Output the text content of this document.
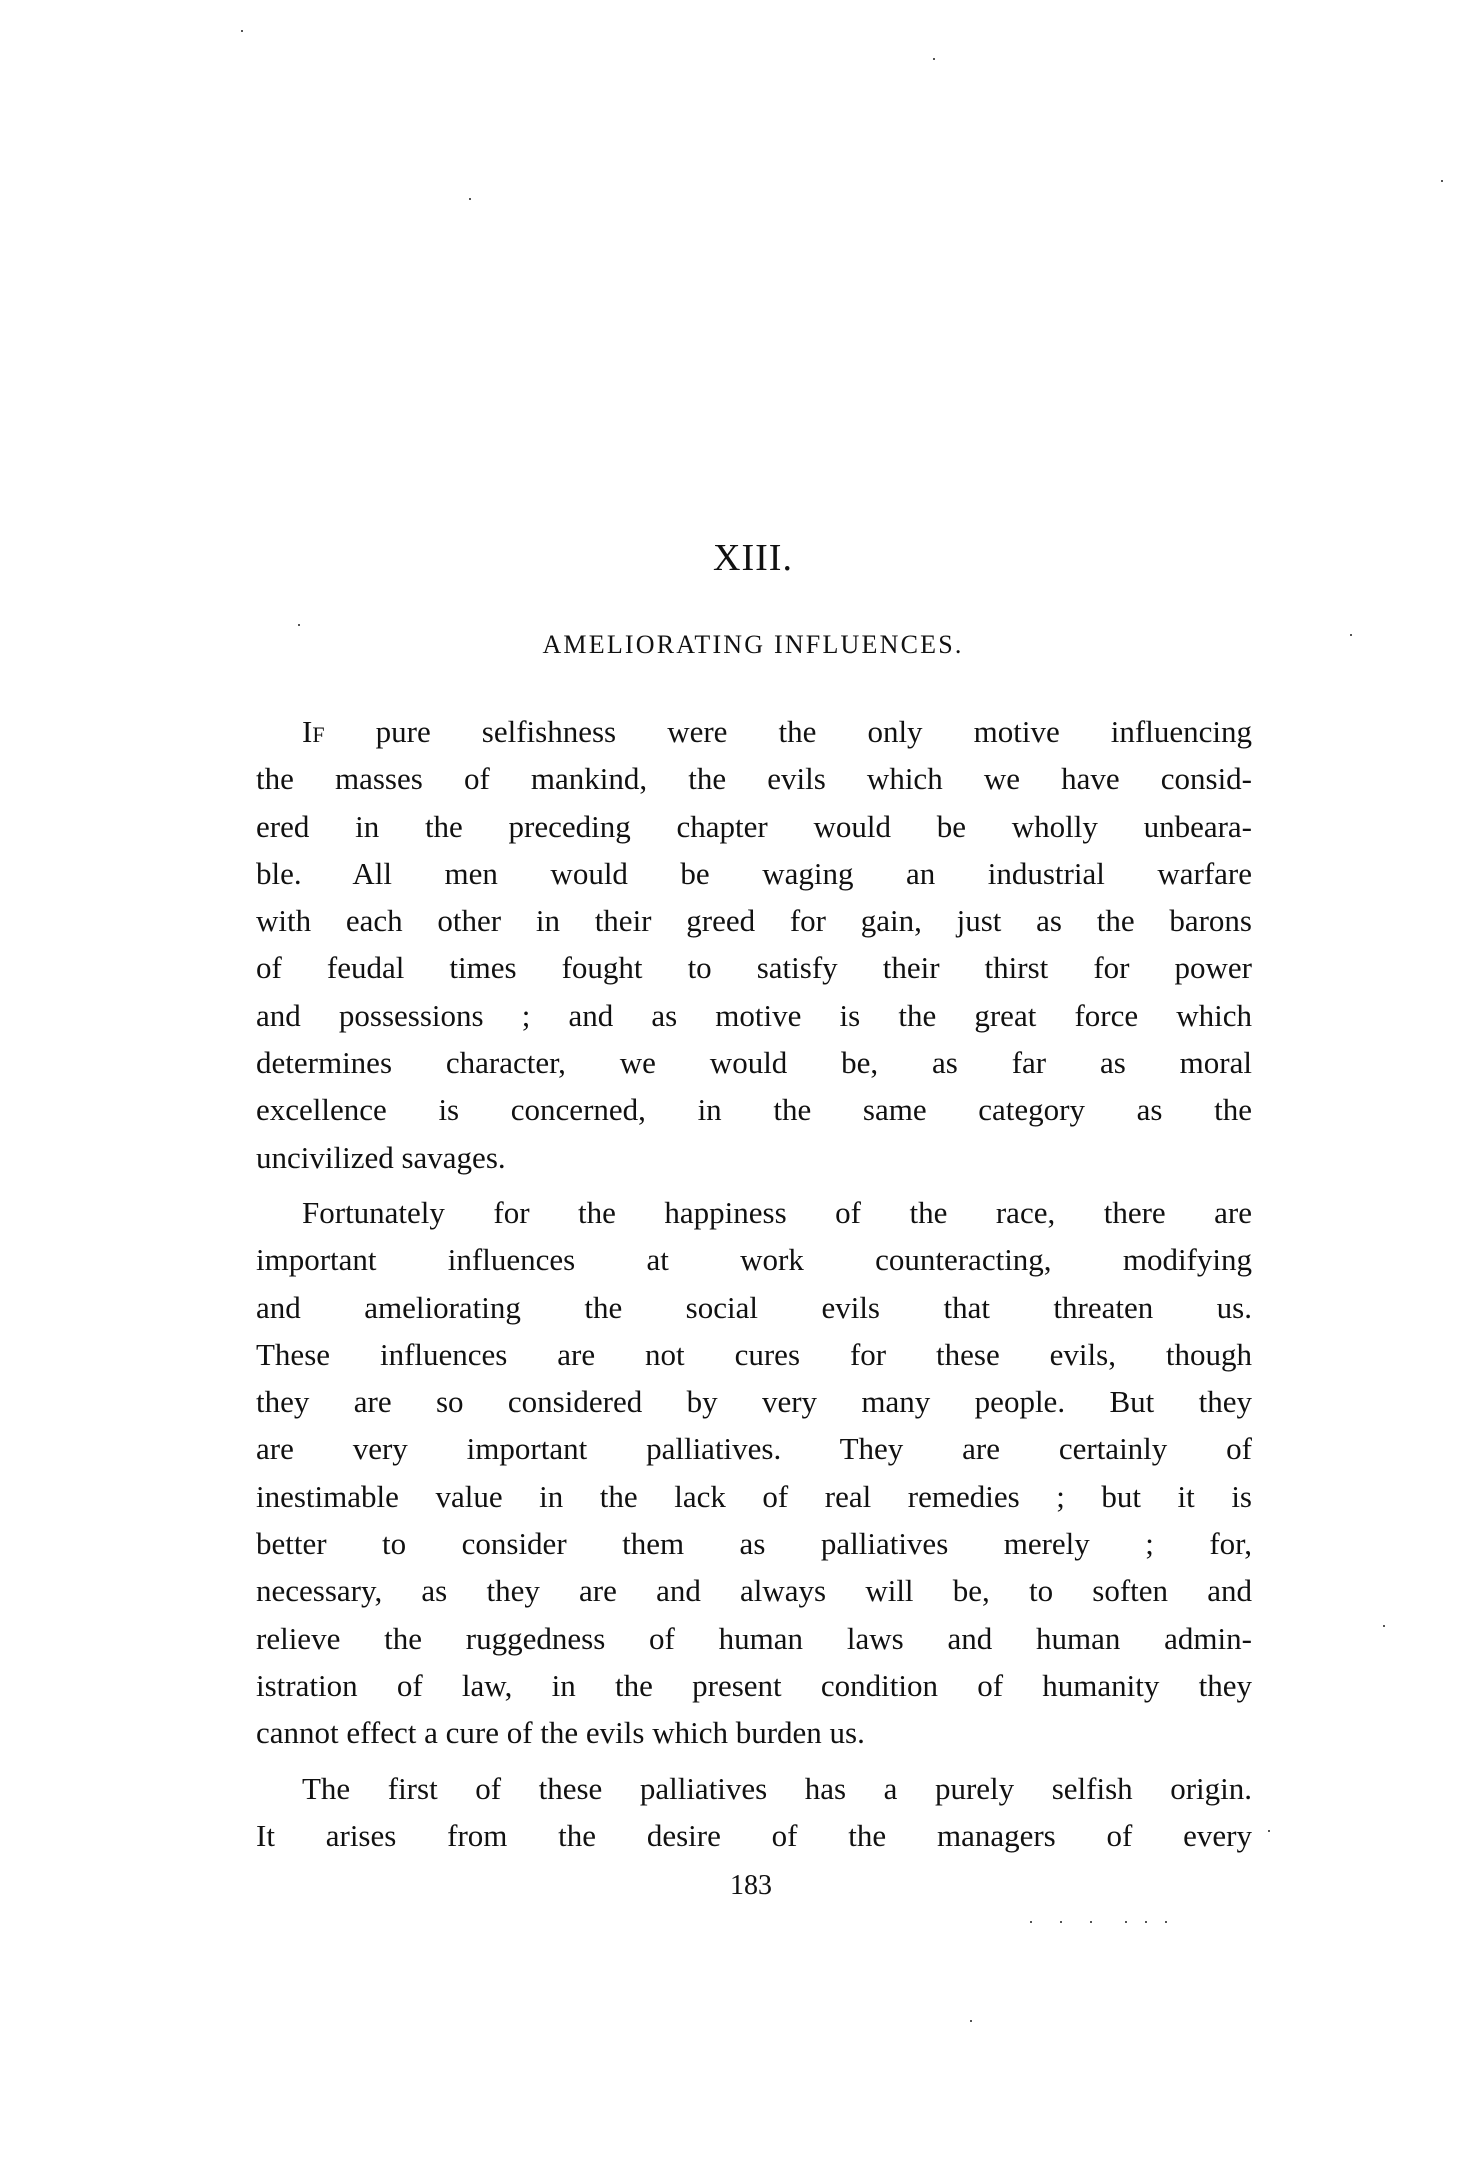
XIII.
AMELIORATING INFLUENCES.
If pure selfishness were the only motive influencing
the masses of mankind, the evils which we have consid-
ered in the preceding chapter would be wholly unbeara-
ble. All men would be waging an industrial warfare
with each other in their greed for gain, just as the barons
of feudal times fought to satisfy their thirst for power
and possessions ; and as motive is the great force which
determines character, we would be, as far as moral
excellence is concerned, in the same category as the
uncivilized savages.
Fortunately for the happiness of the race, there are
important influences at work counteracting, modifying
and ameliorating the social evils that threaten us.
These influences are not cures for these evils, though
they are so considered by very many people. But they
are very important palliatives. They are certainly of
inestimable value in the lack of real remedies ; but it is
better to consider them as palliatives merely ; for,
necessary, as they are and always will be, to soften and
relieve the ruggedness of human laws and human admin-
istration of law, in the present condition of humanity they
cannot effect a cure of the evils which burden us.
The first of these palliatives has a purely selfish origin.
It arises from the desire of the managers of every
183
